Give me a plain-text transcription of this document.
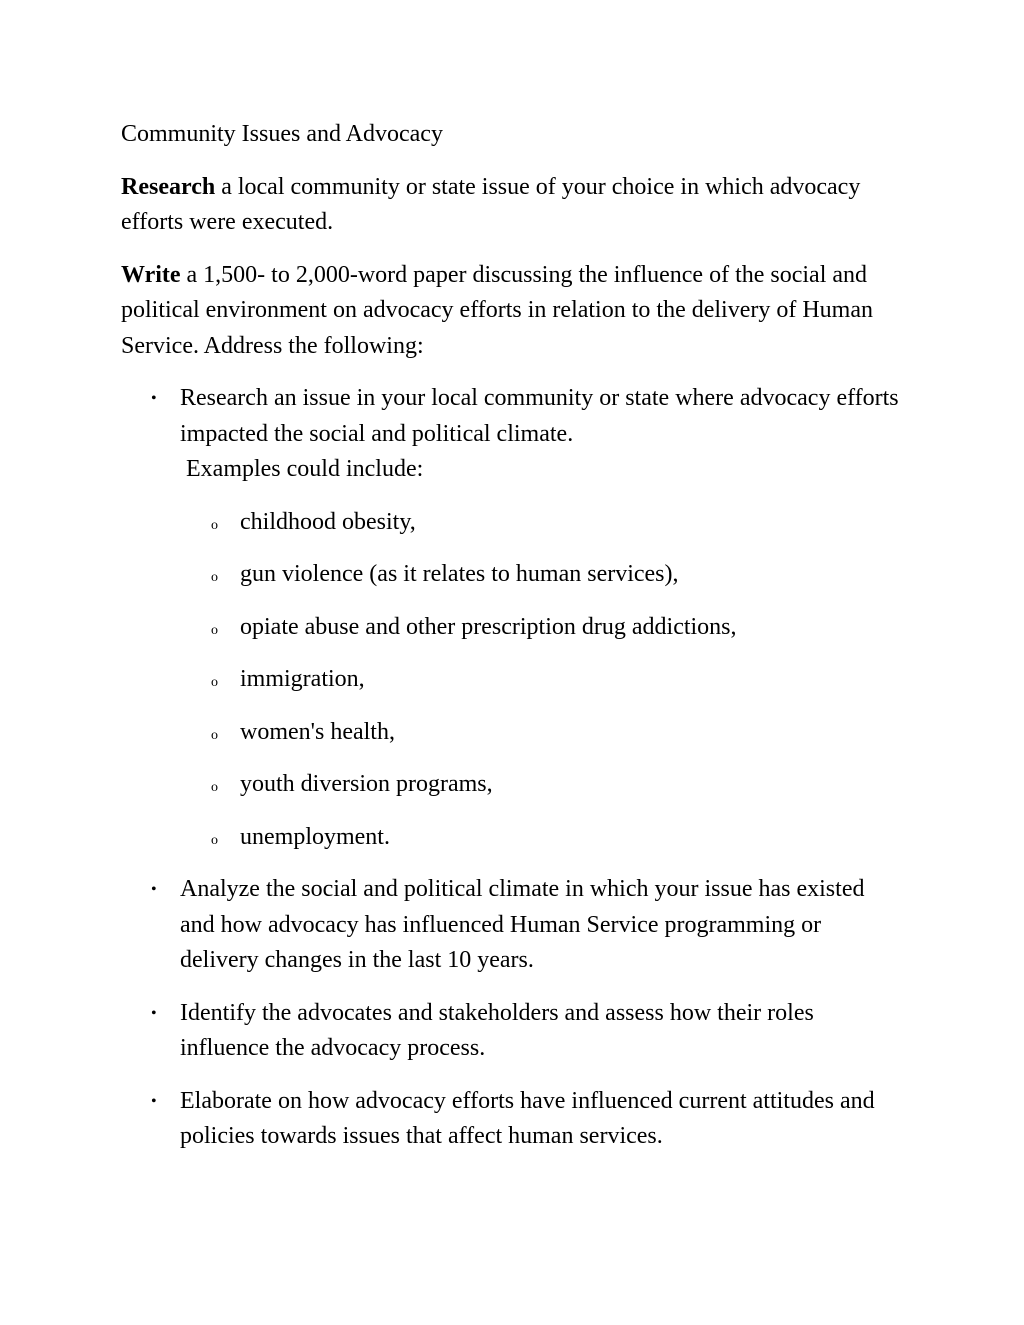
Community Issues and Advocacy

Research a local community or state issue of your choice in which advocacy efforts were executed.

Write a 1,500- to 2,000-word paper discussing the influence of the social and political environment on advocacy efforts in relation to the delivery of Human Service. Address the following:

• Research an issue in your local community or state where advocacy efforts impacted the social and political climate.
Examples could include:
o childhood obesity,
o gun violence (as it relates to human services),
o opiate abuse and other prescription drug addictions,
o immigration,
o women's health,
o youth diversion programs,
o unemployment.
• Analyze the social and political climate in which your issue has existed and how advocacy has influenced Human Service programming or delivery changes in the last 10 years.
• Identify the advocates and stakeholders and assess how their roles influence the advocacy process.
• Elaborate on how advocacy efforts have influenced current attitudes and policies towards issues that affect human services.
